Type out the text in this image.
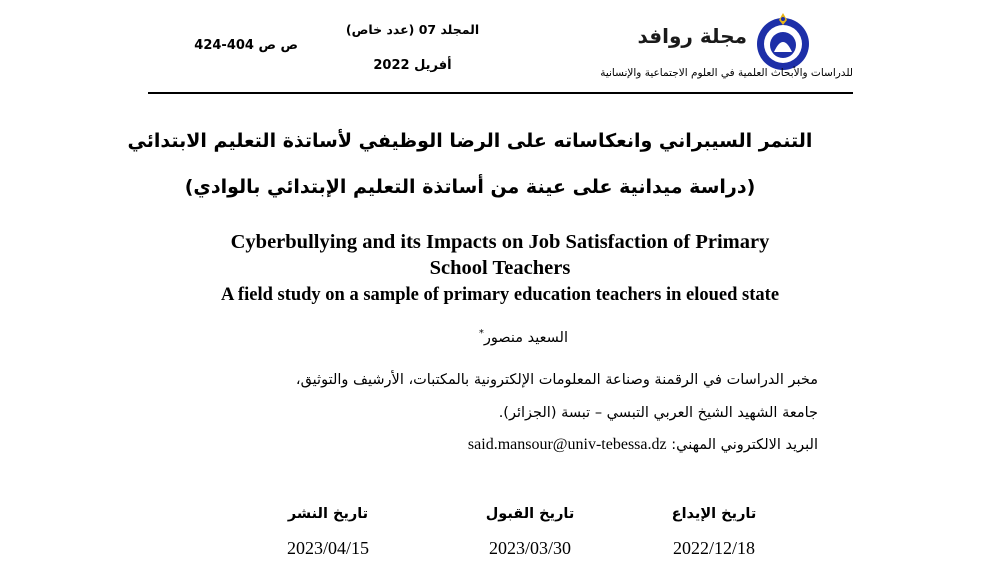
مجلة روافد
للدراسات والأبحاث العلمية في العلوم الاجتماعية والإنسانية
المجلد 07 (عدد خاص)
أفريل 2022
ص ص 404-424
التنمر السيبراني وانعكاساته على الرضا الوظيفي لأساتذة التعليم الابتدائي
(دراسة ميدانية على عينة من أساتذة التعليم الإبتدائي بالوادي)
Cyberbullying and its Impacts on Job Satisfaction of Primary
School Teachers
A field study on a sample of primary education teachers in eloued state
السعيد منصور*
مخبر الدراسات في الرقمنة وصناعة المعلومات الإلكترونية بالمكتبات، الأرشيف والتوثيق،
جامعة الشهيد الشيخ العربي التبسي – تبسة (الجزائر).
البريد الالكتروني المهني: said.mansour@univ-tebessa.dz
تاريخ الإيداع
2022/12/18
تاريخ القبول
2023/03/30
تاريخ النشر
2023/04/15
